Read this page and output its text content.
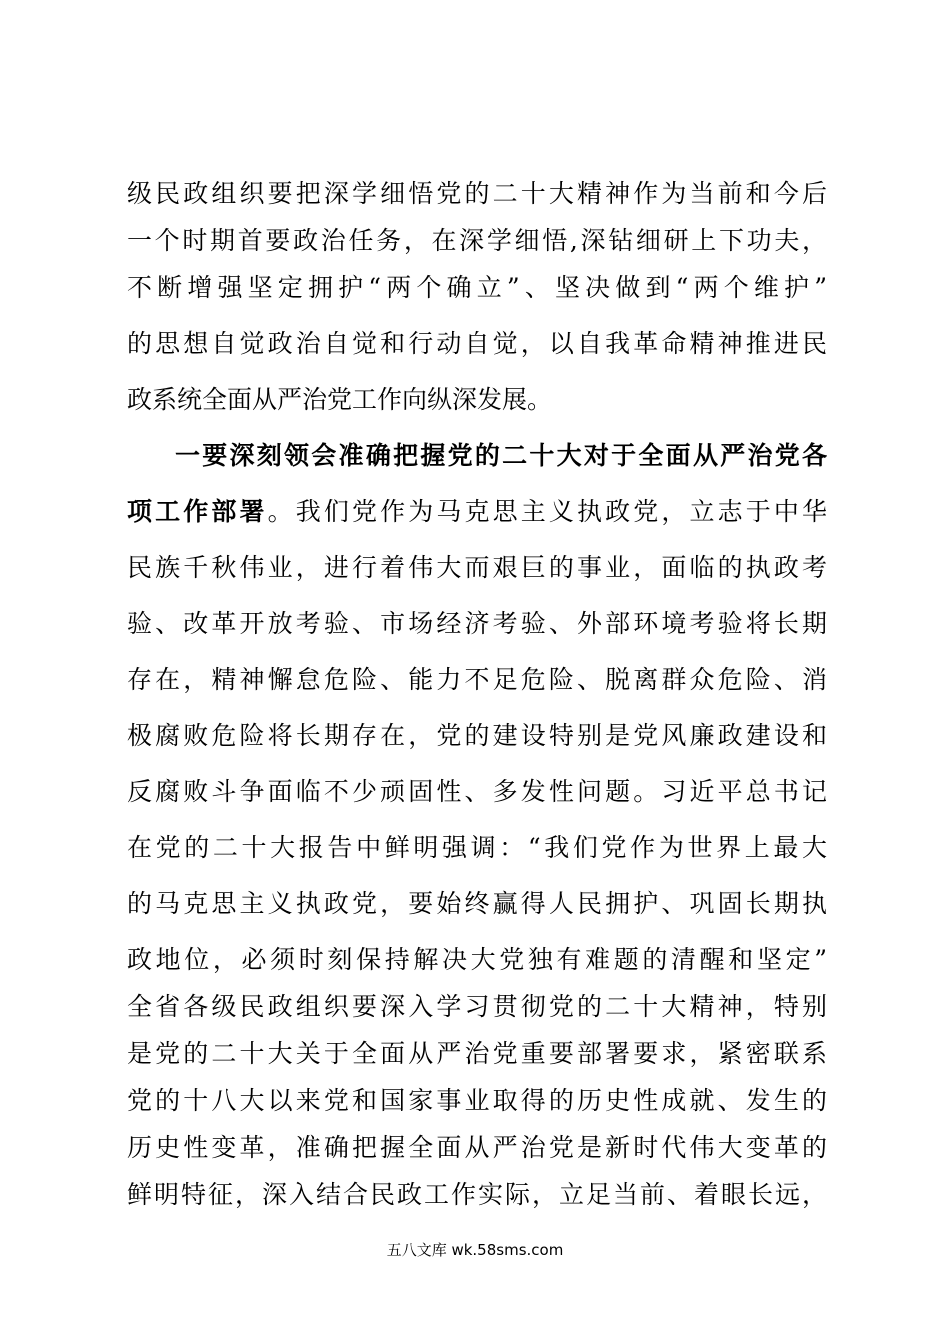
级民政组织要把深学细悟党的二十大精神作为当前和今后
一个时期首要政治任务，在深学细悟,深钻细研上下功夫，
不断增强坚定拥护“两个确立”、坚决做到“两个维护”
的思想自觉政治自觉和行动自觉，以自我革命精神推进民
政系统全面从严治党工作向纵深发展。
一要深刻领会准确把握党的二十大对于全面从严治党各
项工作部署。我们党作为马克思主义执政党，立志于中华
民族千秋伟业，进行着伟大而艰巨的事业，面临的执政考
验、改革开放考验、市场经济考验、外部环境考验将长期
存在，精神懈怠危险、能力不足危险、脱离群众危险、消
极腐败危险将长期存在，党的建设特别是党风廉政建设和
反腐败斗争面临不少顽固性、多发性问题。习近平总书记
在党的二十大报告中鲜明强调：“我们党作为世界上最大
的马克思主义执政党，要始终赢得人民拥护、巩固长期执
政地位，必须时刻保持解决大党独有难题的清醒和坚定”
全省各级民政组织要深入学习贯彻党的二十大精神，特别
是党的二十大关于全面从严治党重要部署要求，紧密联系
党的十八大以来党和国家事业取得的历史性成就、发生的
历史性变革，准确把握全面从严治党是新时代伟大变革的
鲜明特征，深入结合民政工作实际，立足当前、着眼长远，
五八文库 wk.58sms.com
